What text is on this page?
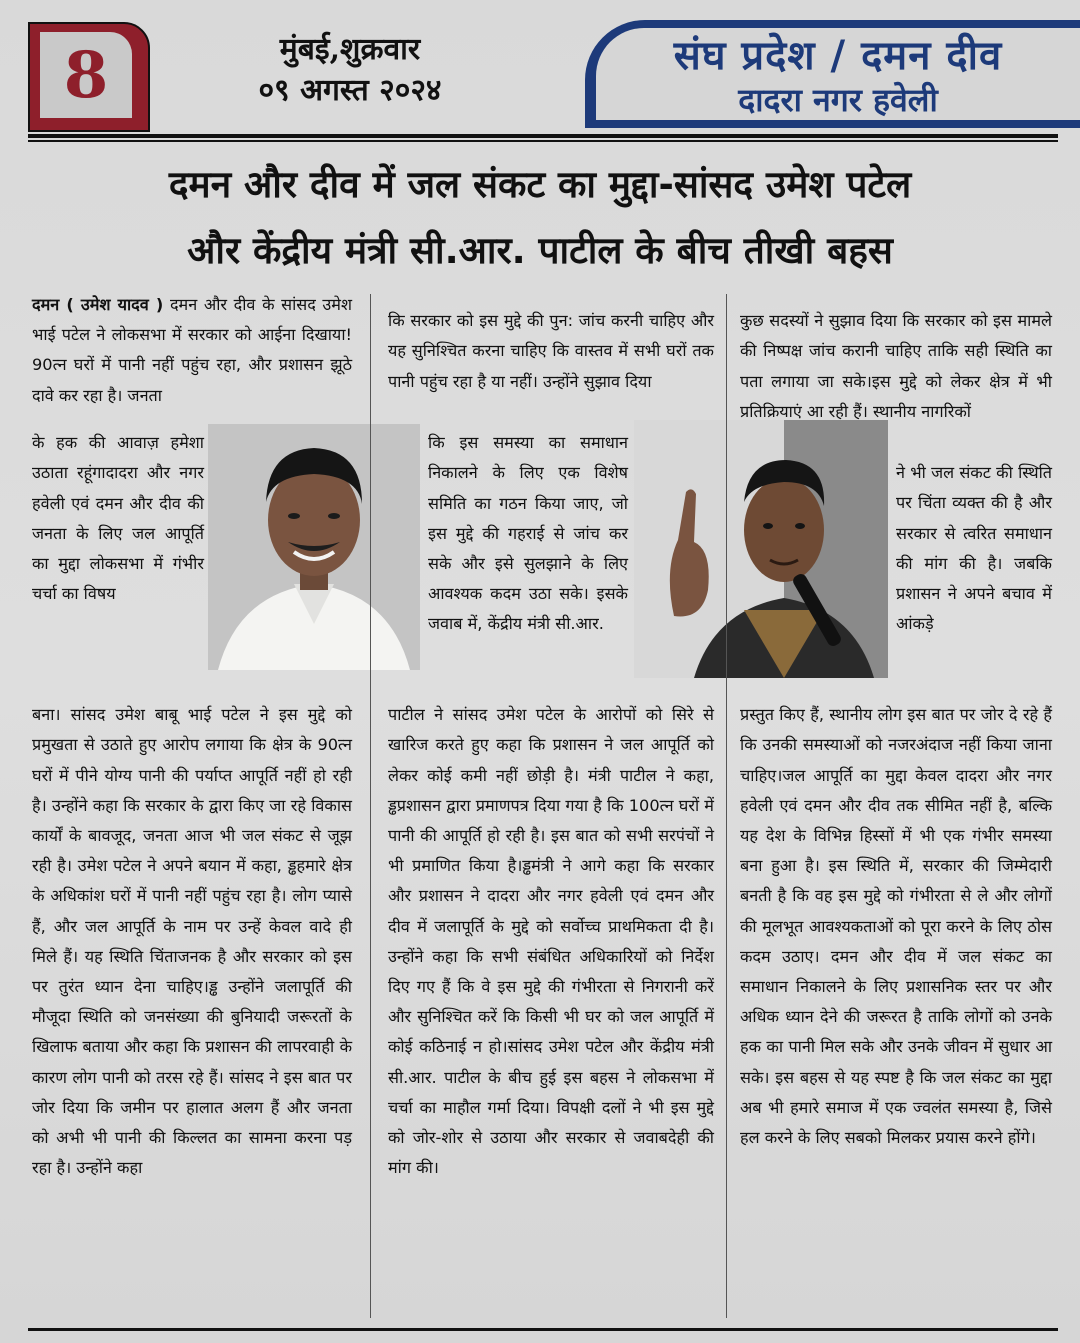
8	मुंबई,शुक्रवार
०९ अगस्त २०२४
संघ प्रदेश / दमन दीव
दादरा नगर हवेली
दमन और दीव में जल संकट का मुद्दा-सांसद उमेश पटेल
और केंद्रीय मंत्री सी.आर. पाटील के बीच तीखी बहस

दमन ( उमेश यादव ) दमन और दीव के सांसद उमेश भाई पटेल ने लोकसभा में सरकार को आईना दिखाया! 90त्न घरों में पानी नहीं पहुंच रहा, और प्रशासन झूठे दावे कर रहा है। जनता

के हक की आवाज़ हमेशा उठाता रहूंगादादरा और नगर हवेली एवं दमन और दीव की जनता के लिए जल आपूर्ति का मुद्दा लोकसभा में गंभीर चर्चा का विषय

बना। सांसद उमेश बाबू भाई पटेल ने इस मुद्दे को प्रमुखता से उठाते हुए आरोप लगाया कि क्षेत्र के 90त्न घरों में पीने योग्य पानी की पर्याप्त आपूर्ति नहीं हो रही है। उन्होंने कहा कि सरकार के द्वारा किए जा रहे विकास कार्यों के बावजूद, जनता आज भी जल संकट से जूझ रही है। उमेश पटेल ने अपने बयान में कहा, ड्ढहमारे क्षेत्र के अधिकांश घरों में पानी नहीं पहुंच रहा है। लोग प्यासे हैं, और जल आपूर्ति के नाम पर उन्हें केवल वादे ही मिले हैं। यह स्थिति चिंताजनक है और सरकार को इस पर तुरंत ध्यान देना चाहिए।ड्ढ उन्होंने जलापूर्ति की मौजूदा स्थिति को जनसंख्या की बुनियादी जरूरतों के खिलाफ बताया और कहा कि प्रशासन की लापरवाही के कारण लोग पानी को तरस रहे हैं। सांसद ने इस बात पर जोर दिया कि जमीन पर हालात अलग हैं और जनता को अभी भी पानी की किल्लत का सामना करना पड़ रहा है। उन्होंने कहा

कि सरकार को इस मुद्दे की पुन: जांच करनी चाहिए और यह सुनिश्चित करना चाहिए कि वास्तव में सभी घरों तक पानी पहुंच रहा है या नहीं। उन्होंने सुझाव दिया

कि इस समस्या का समाधान निकालने के लिए एक विशेष समिति का गठन किया जाए, जो इस मुद्दे की गहराई से जांच कर सके और इसे सुलझाने के लिए आवश्यक कदम उठा सके। इसके जवाब में, केंद्रीय मंत्री सी.आर.

पाटील ने सांसद उमेश पटेल के आरोपों को सिरे से खारिज करते हुए कहा कि प्रशासन ने जल आपूर्ति को लेकर कोई कमी नहीं छोड़ी है। मंत्री पाटील ने कहा, ड्ढप्रशासन द्वारा प्रमाणपत्र दिया गया है कि 100त्न घरों में पानी की आपूर्ति हो रही है। इस बात को सभी सरपंचों ने भी प्रमाणित किया है।ड्ढमंत्री ने आगे कहा कि सरकार और प्रशासन ने दादरा और नगर हवेली एवं दमन और दीव में जलापूर्ति के मुद्दे को सर्वोच्च प्राथमिकता दी है। उन्होंने कहा कि सभी संबंधित अधिकारियों को निर्देश दिए गए हैं कि वे इस मुद्दे की गंभीरता से निगरानी करें और सुनिश्चित करें कि किसी भी घर को जल आपूर्ति में कोई कठिनाई न हो।सांसद उमेश पटेल और केंद्रीय मंत्री सी.आर. पाटील के बीच हुई इस बहस ने लोकसभा में चर्चा का माहौल गर्मा दिया। विपक्षी दलों ने भी इस मुद्दे को जोर-शोर से उठाया और सरकार से जवाबदेही की मांग की।

कुछ सदस्यों ने सुझाव दिया कि सरकार को इस मामले की निष्पक्ष जांच करानी चाहिए ताकि सही स्थिति का पता लगाया जा सके।इस मुद्दे को लेकर क्षेत्र में भी प्रतिक्रियाएं आ रही हैं। स्थानीय नागरिकों

ने भी जल संकट की स्थिति पर चिंता व्यक्त की है और सरकार से त्वरित समाधान की मांग की है। जबकि प्रशासन ने अपने बचाव में आंकड़े

प्रस्तुत किए हैं, स्थानीय लोग इस बात पर जोर दे रहे हैं कि उनकी समस्याओं को नजरअंदाज नहीं किया जाना चाहिए।जल आपूर्ति का मुद्दा केवल दादरा और नगर हवेली एवं दमन और दीव तक सीमित नहीं है, बल्कि यह देश के विभिन्न हिस्सों में भी एक गंभीर समस्या बना हुआ है। इस स्थिति में, सरकार की जिम्मेदारी बनती है कि वह इस मुद्दे को गंभीरता से ले और लोगों की मूलभूत आवश्यकताओं को पूरा करने के लिए ठोस कदम उठाए। दमन और दीव में जल संकट का समाधान निकालने के लिए प्रशासनिक स्तर पर और अधिक ध्यान देने की जरूरत है ताकि लोगों को उनके हक का पानी मिल सके और उनके जीवन में सुधार आ सके। इस बहस से यह स्पष्ट है कि जल संकट का मुद्दा अब भी हमारे समाज में एक ज्वलंत समस्या है, जिसे हल करने के लिए सबको मिलकर प्रयास करने होंगे।
